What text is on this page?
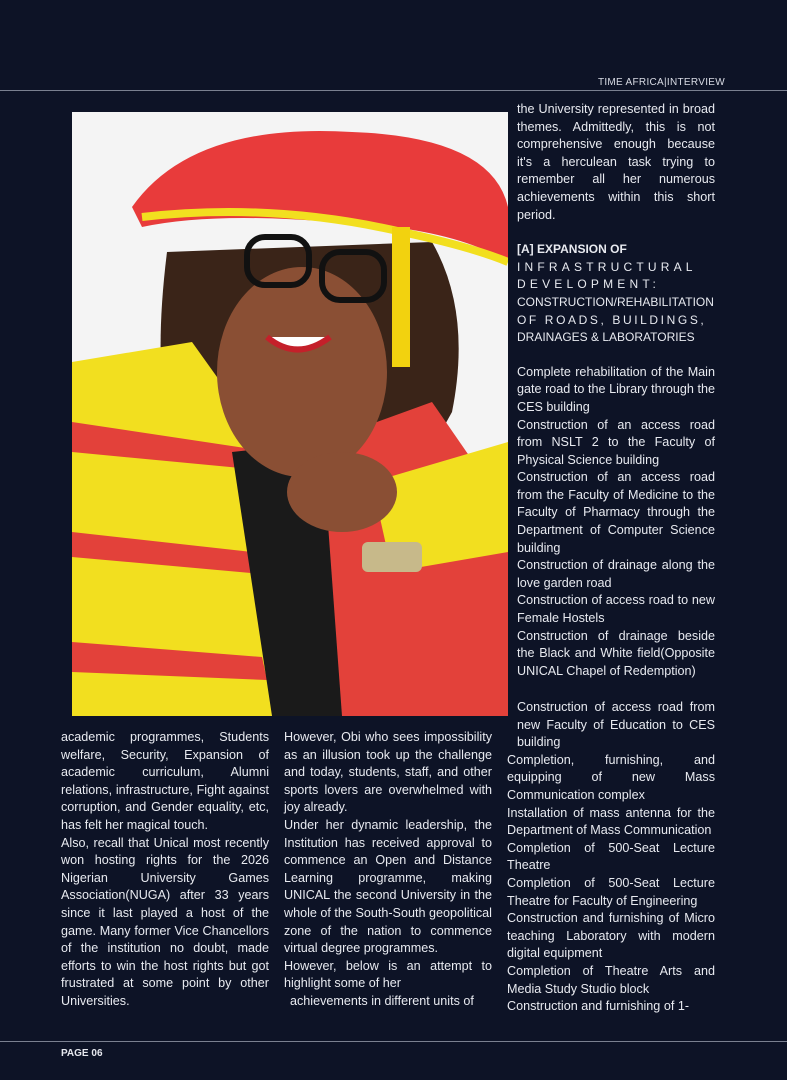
TIME AFRICA|INTERVIEW

the University represented in broad themes. Admittedly, this is not comprehensive enough because it's a herculean task trying to remember all her numerous achievements within this short period.

[A] EXPANSION OF
INFRASTRUCTURAL
DEVELOPMENT:
CONSTRUCTION/REHABILITATION
OF ROADS, BUILDINGS,
DRAINAGES & LABORATORIES

Complete rehabilitation of the Main gate road to the Library through the CES building

Construction of an access road from NSLT 2 to the Faculty of Physical Science building

Construction of an access road from the Faculty of Medicine to the Faculty of Pharmacy through the Department of Computer Science building

Construction of drainage along the love garden road

Construction of access road to new Female Hostels

Construction of drainage beside the Black and White field(Opposite UNICAL Chapel of Redemption)

Construction of access road from new Faculty of Education to CES building

Completion, furnishing, and equipping of new Mass Communication complex

Installation of mass antenna for the Department of Mass Communication

Completion of 500-Seat Lecture Theatre

Completion of 500-Seat Lecture Theatre for Faculty of Engineering

Construction and furnishing of Micro teaching Laboratory with modern digital equipment

Completion of Theatre Arts and Media Study Studio block

Construction and furnishing of 1-

academic programmes, Students welfare, Security, Expansion of academic curriculum, Alumni relations, infrastructure, Fight against corruption, and Gender equality, etc, has felt her magical touch.

Also, recall that Unical most recently won hosting rights for the 2026 Nigerian University Games Association(NUGA) after 33 years since it last played a host of the game. Many former Vice Chancellors of the institution no doubt, made efforts to win the host rights but got frustrated at some point by other Universities.

However, Obi who sees impossibility as an illusion took up the challenge and today, students, staff, and other sports lovers are overwhelmed with joy already.

Under her dynamic leadership, the Institution has received approval to commence an Open and Distance Learning programme, making UNICAL the second University in the whole of the South-South geopolitical zone of the nation to commence virtual degree programmes.

However, below is an attempt to highlight some of her

achievements in different units of

PAGE 06
